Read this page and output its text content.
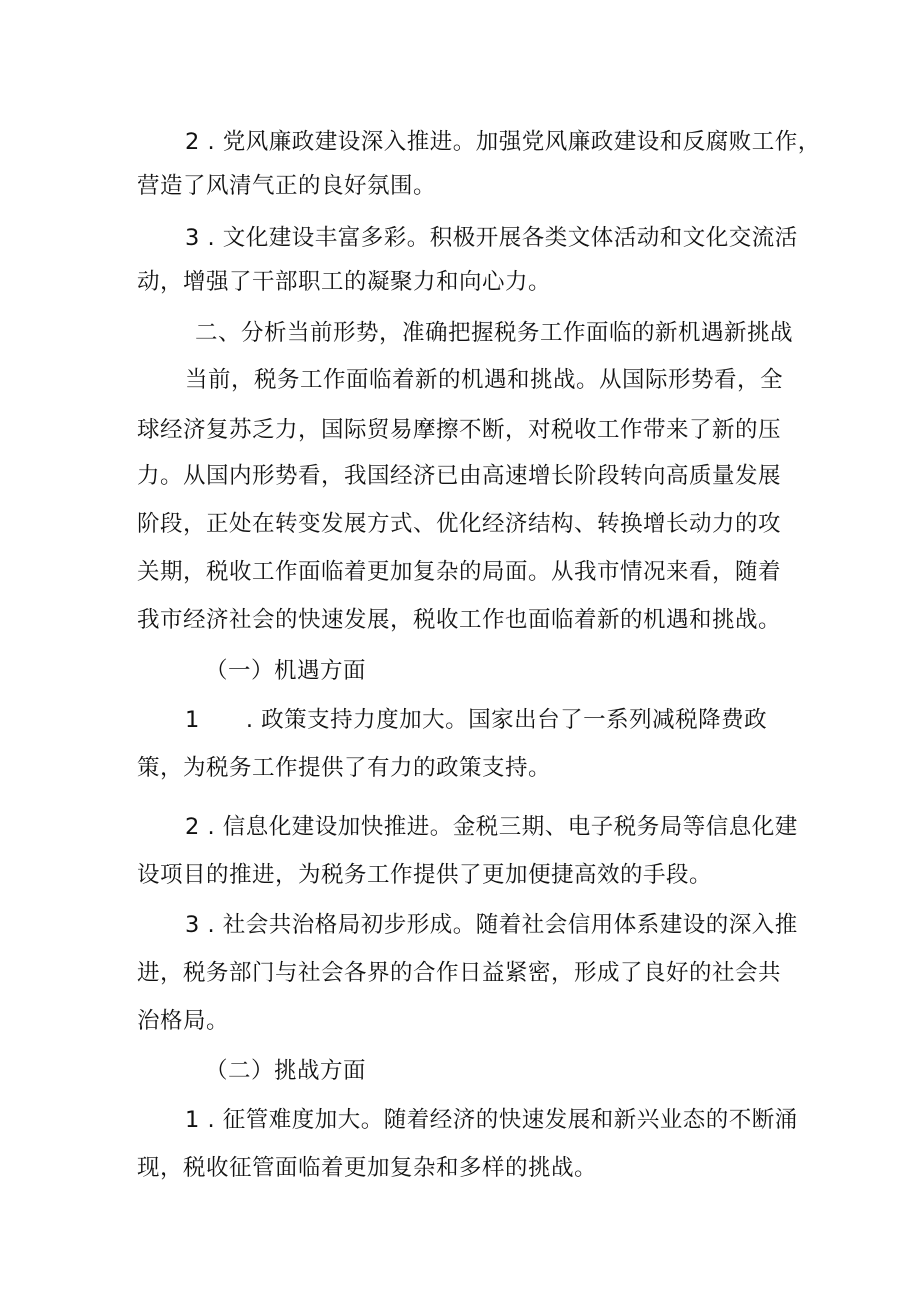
2 . 党风廉政建设深入推进。加强党风廉政建设和反腐败工作，
营造了风清气正的良好氛围。
3 . 文化建设丰富多彩。积极开展各类文体活动和文化交流活
动，增强了干部职工的凝聚力和向心力。
二、分析当前形势，准确把握税务工作面临的新机遇新挑战
当前，税务工作面临着新的机遇和挑战。从国际形势看，全
球经济复苏乏力，国际贸易摩擦不断，对税收工作带来了新的压
力。从国内形势看，我国经济已由高速增长阶段转向高质量发展
阶段，正处在转变发展方式、优化经济结构、转换增长动力的攻
关期，税收工作面临着更加复杂的局面。从我市情况来看，随着
我市经济社会的快速发展，税收工作也面临着新的机遇和挑战。
（一）机遇方面
1　　. 政策支持力度加大。国家出台了一系列减税降费政
策，为税务工作提供了有力的政策支持。
2 . 信息化建设加快推进。金税三期、电子税务局等信息化建
设项目的推进，为税务工作提供了更加便捷高效的手段。
3 . 社会共治格局初步形成。随着社会信用体系建设的深入推
进，税务部门与社会各界的合作日益紧密，形成了良好的社会共
治格局。
（二）挑战方面
1 . 征管难度加大。随着经济的快速发展和新兴业态的不断涌
现，税收征管面临着更加复杂和多样的挑战。
